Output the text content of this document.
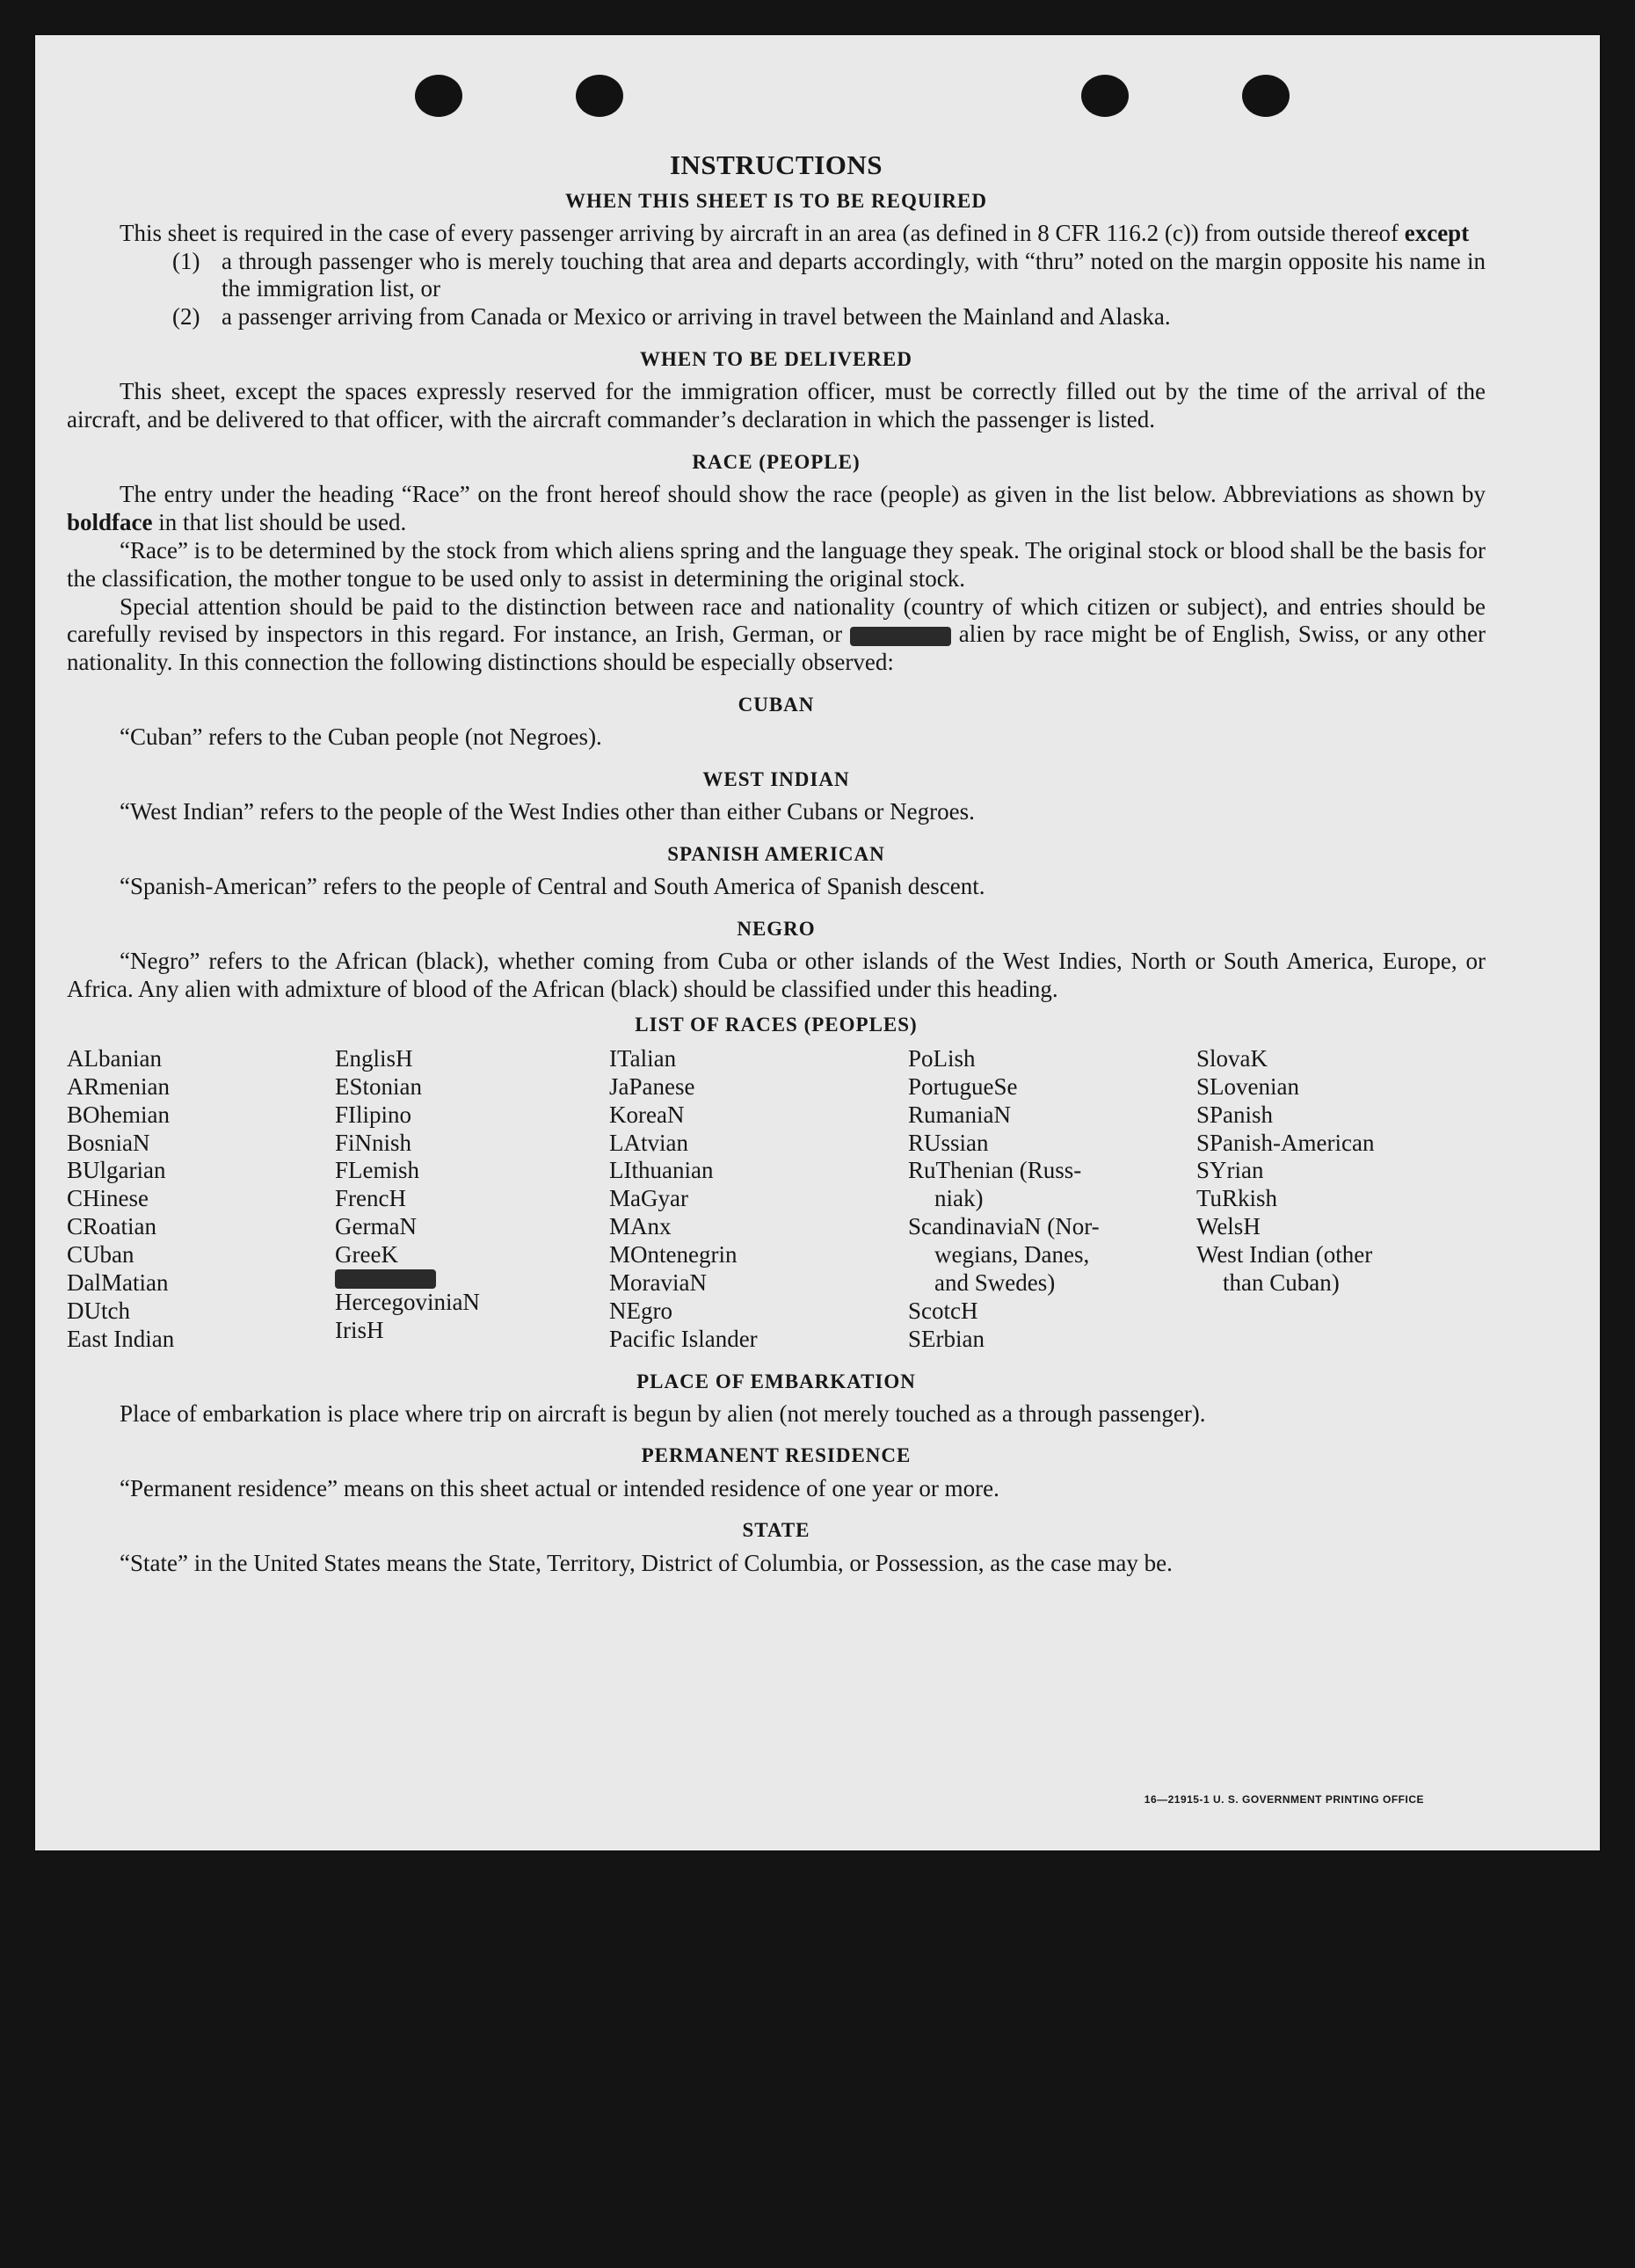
INSTRUCTIONS
WHEN THIS SHEET IS TO BE REQUIRED

This sheet is required in the case of every passenger arriving by aircraft in an area (as defined in 8 CFR 116.2 (c)) from outside thereof except

(1) a through passenger who is merely touching that area and departs accordingly, with “thru” noted on the margin opposite his name in the immigration list, or
(2) a passenger arriving from Canada or Mexico or arriving in travel between the Mainland and Alaska.
WHEN TO BE DELIVERED

This sheet, except the spaces expressly reserved for the immigration officer, must be correctly filled out by the time of the arrival of the aircraft, and be delivered to that officer, with the aircraft commander’s declaration in which the passenger is listed.

RACE (PEOPLE)

The entry under the heading “Race” on the front hereof should show the race (people) as given in the list below. Abbreviations as shown by boldface in that list should be used.

“Race” is to be determined by the stock from which aliens spring and the language they speak. The original stock or blood shall be the basis for the classification, the mother tongue to be used only to assist in determining the original stock.

Special attention should be paid to the distinction between race and nationality (country of which citizen or subject), and entries should be carefully revised by inspectors in this regard. For instance, an Irish, German, or	alien by race might be of English, Swiss, or any other nationality. In this connection the following distinctions should be especially observed:

CUBAN

“Cuban” refers to the Cuban people (not Negroes).

WEST INDIAN

“West Indian” refers to the people of the West Indies other than either Cubans or Negroes.

SPANISH AMERICAN

“Spanish-American” refers to the people of Central and South America of Spanish descent.

NEGRO

“Negro” refers to the African (black), whether coming from Cuba or other islands of the West Indies, North or South America, Europe, or Africa. Any alien with admixture of blood of the African (black) should be classified under this heading.

LIST OF RACES (PEOPLES)
ALbanian
ARmenian
BOhemian
BosniaN
BUlgarian
CHinese
CRoatian
CUban
DalMatian
DUtch
East Indian
EnglisH
EStonian
FIlipino
FiNnish
FLemish
FrencH
GermaN
GreeK
HercegoviniaN
IrisH
ITalian
JaPanese
KoreaN
LAtvian
LIthuanian
MaGyar
MAnx
MOntenegrin
MoraviaN
NEgro
Pacific Islander
PoLish
PortugueSe
RumaniaN
RUssian
RuThenian (Russ-
niak)
ScandinaviaN (Nor-
wegians, Danes,
and Swedes)
ScotcH
SErbian
SlovaK
SLovenian
SPanish
SPanish-American
SYrian
TuRkish
WelsH
West Indian (other
than Cuban)
PLACE OF EMBARKATION

Place of embarkation is place where trip on aircraft is begun by alien (not merely touched as a through passenger).

PERMANENT RESIDENCE

“Permanent residence” means on this sheet actual or intended residence of one year or more.

STATE

“State” in the United States means the State, Territory, District of Columbia, or Possession, as the case may be.

16—21915-1 U. S. GOVERNMENT PRINTING OFFICE
